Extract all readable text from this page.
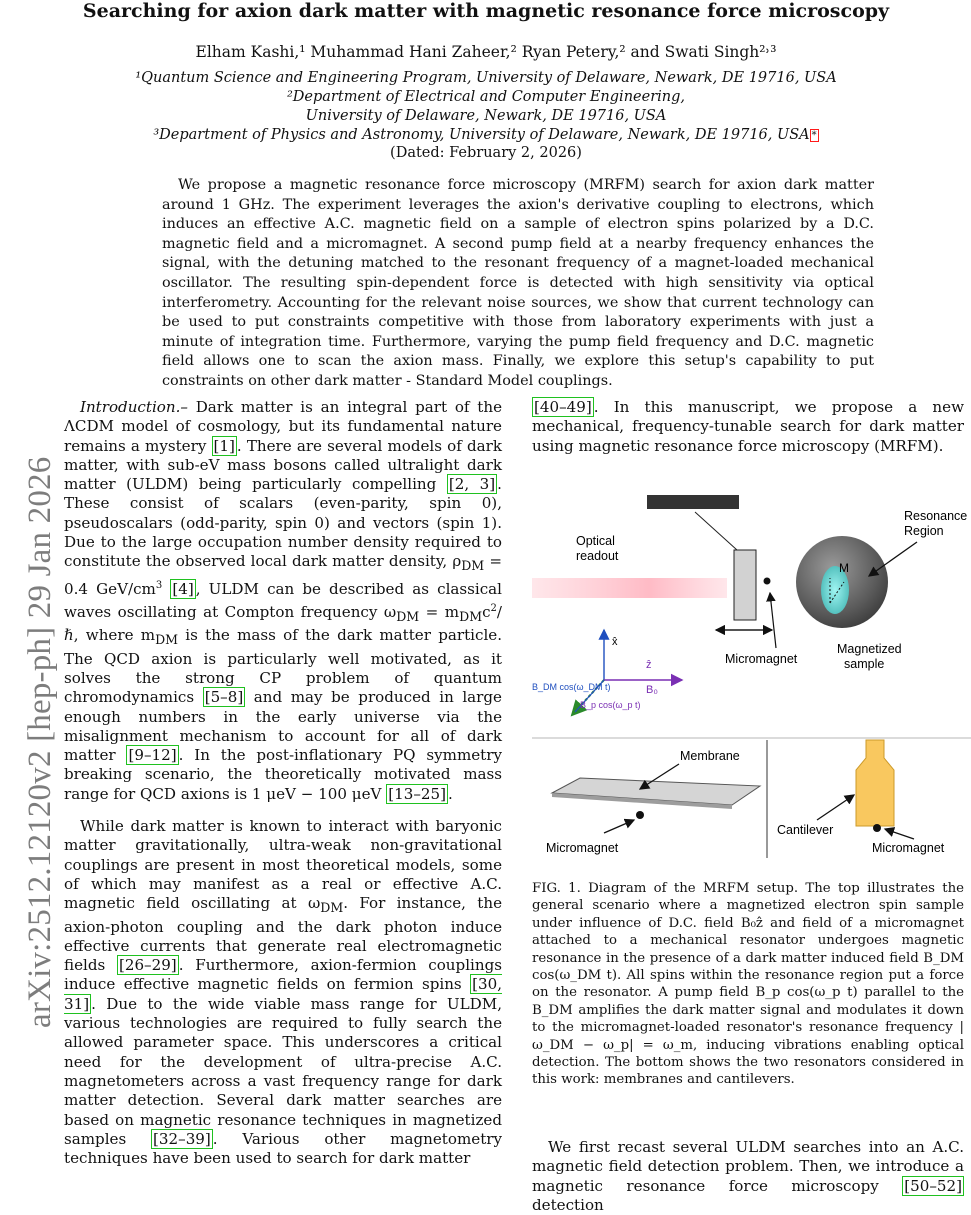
arXiv:2512.12120v2 [hep-ph] 29 Jan 2026
Searching for axion dark matter with magnetic resonance force microscopy
Elham Kashi,¹ Muhammad Hani Zaheer,² Ryan Petery,² and Swati Singh²˒³
¹Quantum Science and Engineering Program, University of Delaware, Newark, DE 19716, USA
²Department of Electrical and Computer Engineering,
University of Delaware, Newark, DE 19716, USA
³Department of Physics and Astronomy, University of Delaware, Newark, DE 19716, USA *
(Dated: February 2, 2026)
We propose a magnetic resonance force microscopy (MRFM) search for axion dark matter around 1 GHz. The experiment leverages the axion's derivative coupling to electrons, which induces an effective A.C. magnetic field on a sample of electron spins polarized by a D.C. magnetic field and a micromagnet. A second pump field at a nearby frequency enhances the signal, with the detuning matched to the resonant frequency of a magnet-loaded mechanical oscillator. The resulting spin-dependent force is detected with high sensitivity via optical interferometry. Accounting for the relevant noise sources, we show that current technology can be used to put constraints competitive with those from laboratory experiments with just a minute of integration time. Furthermore, varying the pump field frequency and D.C. magnetic field allows one to scan the axion mass. Finally, we explore this setup's capability to put constraints on other dark matter - Standard Model couplings.

Introduction.– Dark matter is an integral part of the ΛCDM model of cosmology, but its fundamental nature remains a mystery [1] . There are several models of dark matter, with sub-eV mass bosons called ultralight dark matter (ULDM) being particularly compelling [2, 3] . These consist of scalars (even-parity, spin 0), pseudoscalars (odd-parity, spin 0) and vectors (spin 1). Due to the large occupation number density required to constitute the observed local dark matter density, $\rho_{DM} = 0.4$ GeV/$cm^3$ [4] , ULDM can be described as classical waves oscillating at Compton frequency $\omega_{DM}$ = $m_{DM}c^2/\hbar$, where $m_{DM}$ is the mass of the dark matter particle. The QCD axion is particularly well motivated, as it solves the strong CP problem of quantum chromodynamics [5–8] and may be produced in large enough numbers in the early universe via the misalignment mechanism to account for all of dark matter [9–12] . In the post-inflationary PQ symmetry breaking scenario, the theoretically motivated mass range for QCD axions is 1 μeV − 100 μeV [13–25] .

While dark matter is known to interact with baryonic matter gravitationally, ultra-weak non-gravitational couplings are present in most theoretical models, some of which may manifest as a real or effective A.C. magnetic field oscillating at $\omega_{DM}$. For instance, the axion-photon coupling and the dark photon induce effective currents that generate real electromagnetic fields [26–29] . Furthermore, axion-fermion couplings induce effective magnetic fields on fermion spins [30, 31] . Due to the wide viable mass range for ULDM, various technologies are required to fully search the allowed parameter space. This underscores a critical need for the development of ultra-precise A.C. magnetometers across a vast frequency range for dark matter detection. Several dark matter searches are based on magnetic resonance techniques in magnetized samples [32–39] . Various other magnetometry techniques have been used to search for dark matter

[40–49] . In this manuscript, we propose a new mechanical, frequency-tunable search for dark matter using magnetic resonance force microscopy (MRFM).

Optical
readout
Micromagnet
M
Resonance
Region
Magnetized
sample
x̂
ẑ
B₀
B_DM cos(ω_DM t)
B_p cos(ω_p t)
Membrane
Micromagnet
Cantilever
Micromagnet
FIG. 1. Diagram of the MRFM setup. The top illustrates the general scenario where a magnetized electron spin sample under influence of D.C. field B₀ẑ and field of a micromagnet attached to a mechanical resonator undergoes magnetic resonance in the presence of a dark matter induced field B_DM cos(ω_DM t). All spins within the resonance region put a force on the resonator. A pump field B_p cos(ω_p t) parallel to the B_DM amplifies the dark matter signal and modulates it down to the micromagnet-loaded resonator's resonance frequency |ω_DM − ω_p| = ω_m, inducing vibrations enabling optical detection. The bottom shows the two resonators considered in this work: membranes and cantilevers.

We first recast several ULDM searches into an A.C. magnetic field detection problem. Then, we introduce a magnetic resonance force microscopy [50–52] detection
